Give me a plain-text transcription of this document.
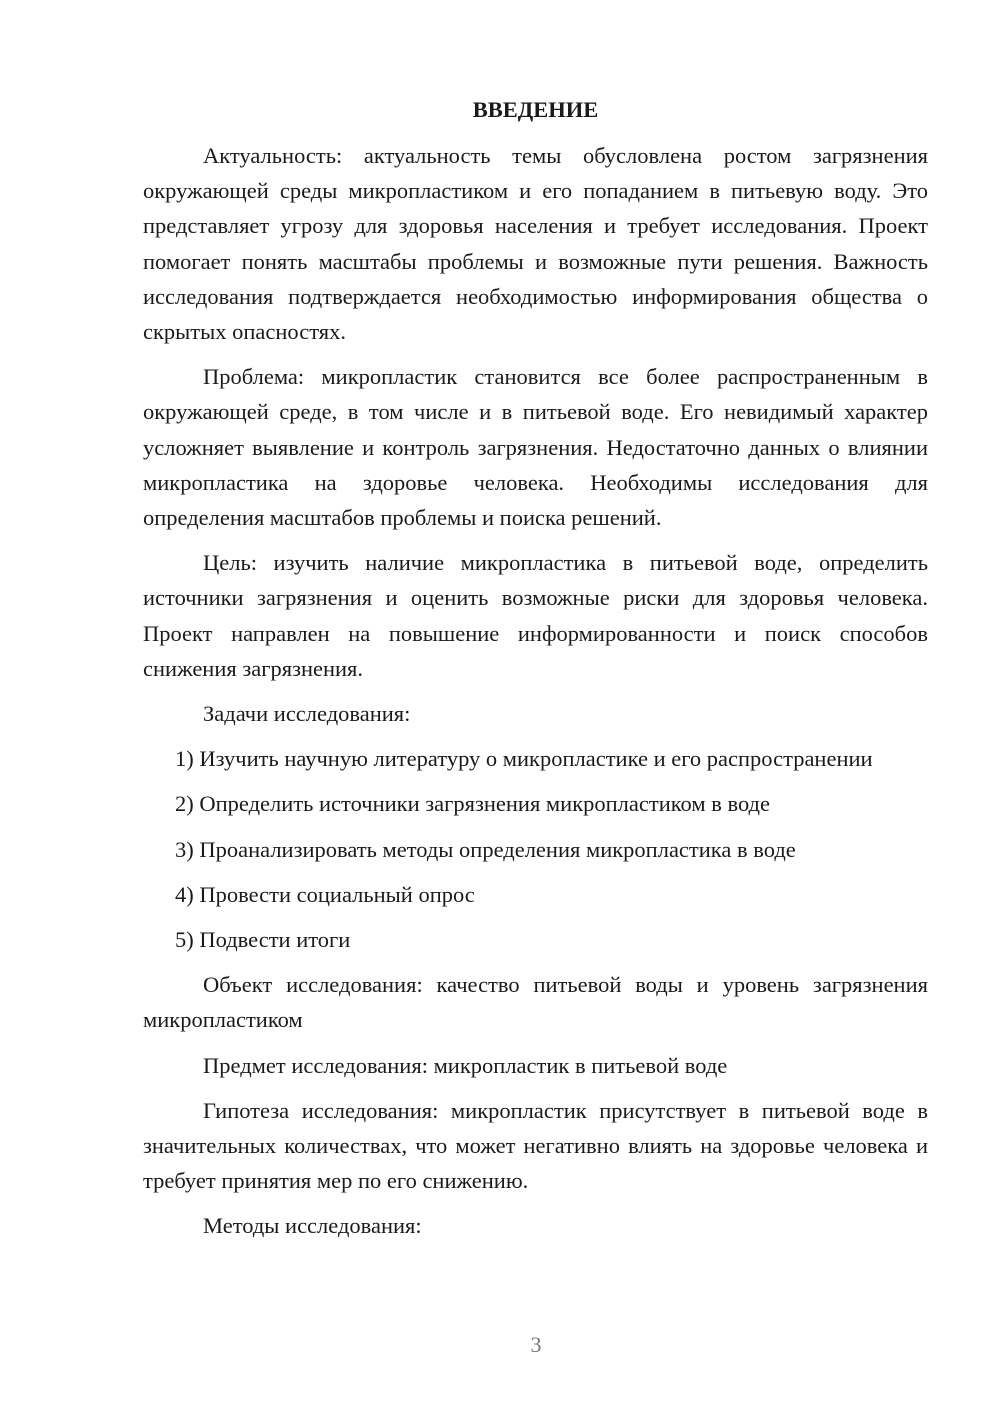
ВВЕДЕНИЕ

Актуальность: актуальность темы обусловлена ростом загрязнения окружающей среды микропластиком и его попаданием в питьевую воду. Это представляет угрозу для здоровья населения и требует исследования. Проект помогает понять масштабы проблемы и возможные пути решения. Важность исследования подтверждается необходимостью информирования общества о скрытых опасностях.

Проблема: микропластик становится все более распространенным в окружающей среде, в том числе и в питьевой воде. Его невидимый характер усложняет выявление и контроль загрязнения. Недостаточно данных о влиянии микропластика на здоровье человека. Необходимы исследования для определения масштабов проблемы и поиска решений.

Цель: изучить наличие микропластика в питьевой воде, определить источники загрязнения и оценить возможные риски для здоровья человека. Проект направлен на повышение информированности и поиск способов снижения загрязнения.

Задачи исследования:

1) Изучить научную литературу о микропластике и его распространении

2) Определить источники загрязнения микропластиком в воде

3) Проанализировать методы определения микропластика в воде

4) Провести социальный опрос

5) Подвести итоги

Объект исследования: качество питьевой воды и уровень загрязнения микропластиком

Предмет исследования: микропластик в питьевой воде

Гипотеза исследования: микропластик присутствует в питьевой воде в значительных количествах, что может негативно влиять на здоровье человека и требует принятия мер по его снижению.

Методы исследования:

3
